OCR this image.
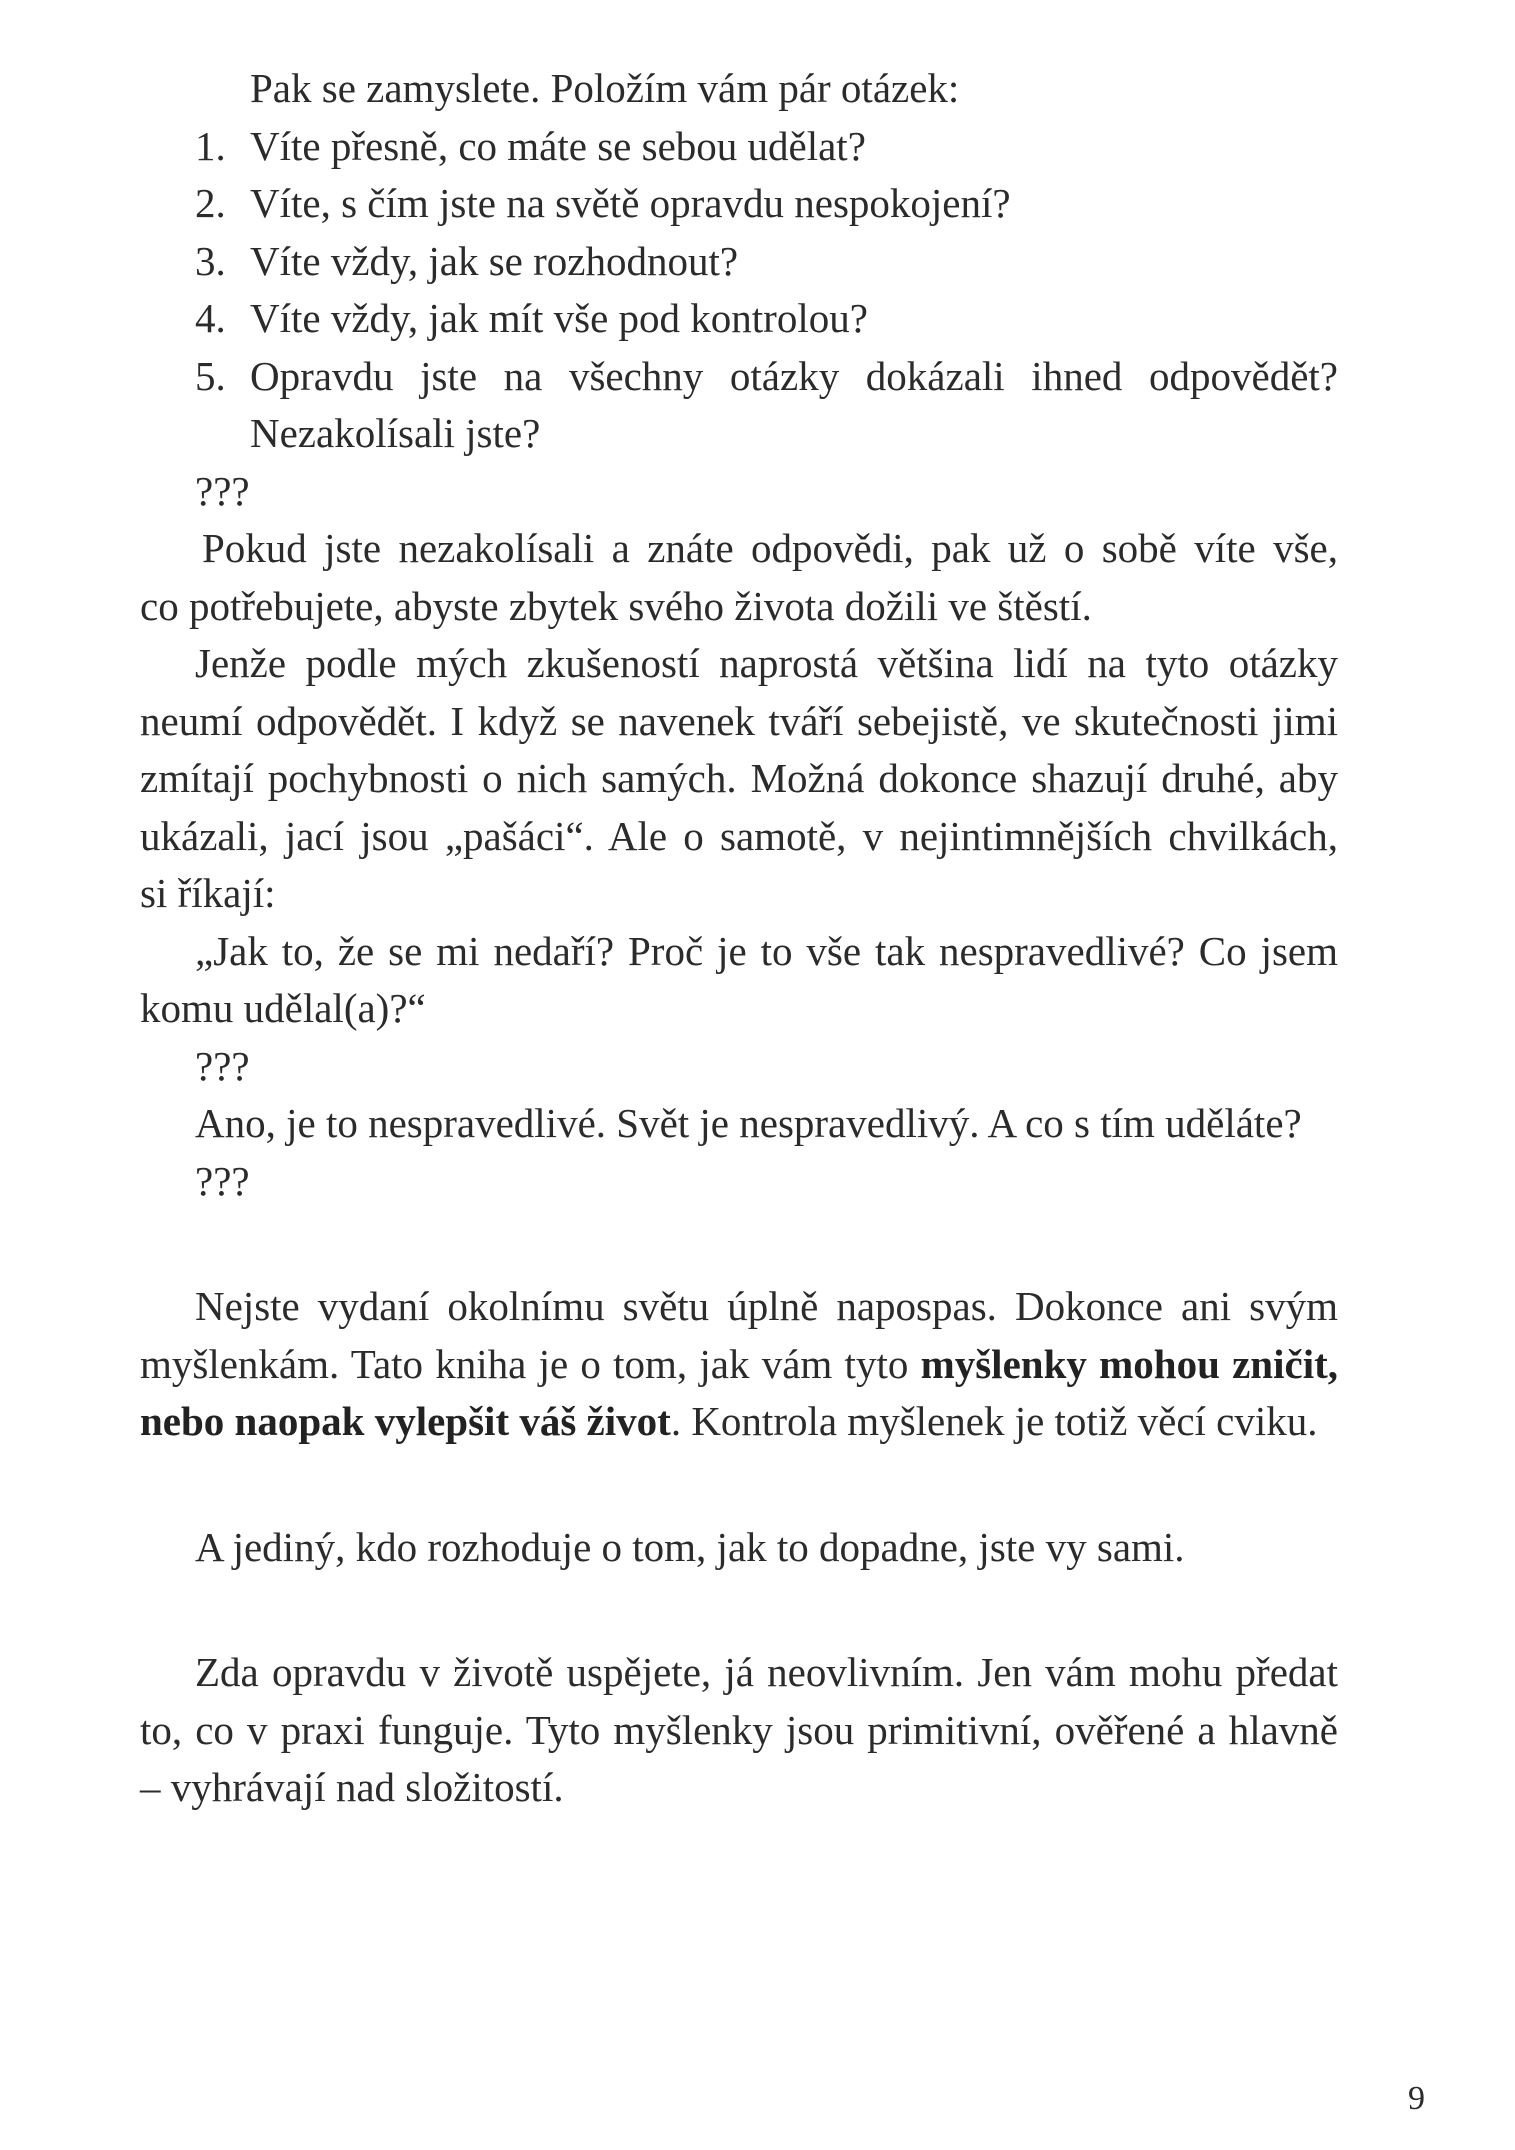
Pak se zamyslete. Položím vám pár otázek:
1. Víte přesně, co máte se sebou udělat?
2. Víte, s čím jste na světě opravdu nespokojení?
3. Víte vždy, jak se rozhodnout?
4. Víte vždy, jak mít vše pod kontrolou?
5. Opravdu jste na všechny otázky dokázali ihned odpovědět?
Nezakolísali jste?
???
Pokud jste nezakolísali a znáte odpovědi, pak už o sobě víte vše,
co potřebujete, abyste zbytek svého života dožili ve štěstí.
Jenže podle mých zkušeností naprostá většina lidí na tyto otázky
neumí odpovědět. I když se navenek tváří sebejistě, ve skutečnosti jimi
zmítají pochybnosti o nich samých. Možná dokonce shazují druhé, aby
ukázali, jací jsou „pašáci“. Ale o samotě, v nejintimnějších chvilkách,
si říkají:
„Jak to, že se mi nedaří? Proč je to vše tak nespravedlivé? Co jsem
komu udělal(a)?“
???
Ano, je to nespravedlivé. Svět je nespravedlivý. A co s tím uděláte?
???
Nejste vydaní okolnímu světu úplně napospas. Dokonce ani svým
myšlenkám. Tato kniha je o tom, jak vám tyto myšlenky mohou zničit,
nebo naopak vylepšit váš život. Kontrola myšlenek je totiž věcí cviku.
A jediný, kdo rozhoduje o tom, jak to dopadne, jste vy sami.
Zda opravdu v životě uspějete, já neovlivním. Jen vám mohu předat
to, co v praxi funguje. Tyto myšlenky jsou primitivní, ověřené a hlavně
– vyhrávají nad složitostí.
9
